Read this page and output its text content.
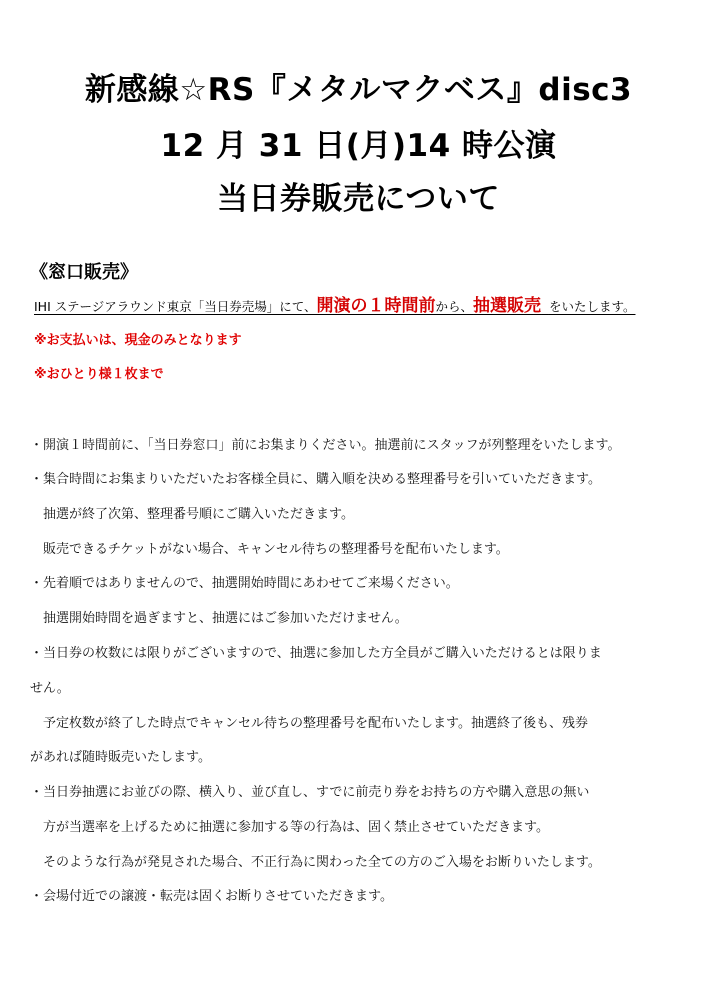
新感線☆RS『メタルマクベス』disc3
12 月 31 日(月)14 時公演
当日券販売について
《窓口販売》
IHI ステージアラウンド東京「当日券売場」にて、開演の１時間前から、抽選販売 をいたします。
※お支払いは、現金のみとなります
※おひとり様１枚まで
・開演１時間前に、「当日券窓口」前にお集まりください。抽選前にスタッフが列整理をいたします。
・集合時間にお集まりいただいたお客様全員に、購入順を決める整理番号を引いていただきます。
　抽選が終了次第、整理番号順にご購入いただきます。
　販売できるチケットがない場合、キャンセル待ちの整理番号を配布いたします。
・先着順ではありませんので、抽選開始時間にあわせてご来場ください。
　抽選開始時間を過ぎますと、抽選にはご参加いただけません。
・当日券の枚数には限りがございますので、抽選に参加した方全員がご購入いただけるとは限りま
せん。
　予定枚数が終了した時点でキャンセル待ちの整理番号を配布いたします。抽選終了後も、残券
があれば随時販売いたします。
・当日券抽選にお並びの際、横入り、並び直し、すでに前売り券をお持ちの方や購入意思の無い
　方が当選率を上げるために抽選に参加する等の行為は、固く禁止させていただきます。
　そのような行為が発見された場合、不正行為に関わった全ての方のご入場をお断りいたします。
・会場付近での譲渡・転売は固くお断りさせていただきます。
